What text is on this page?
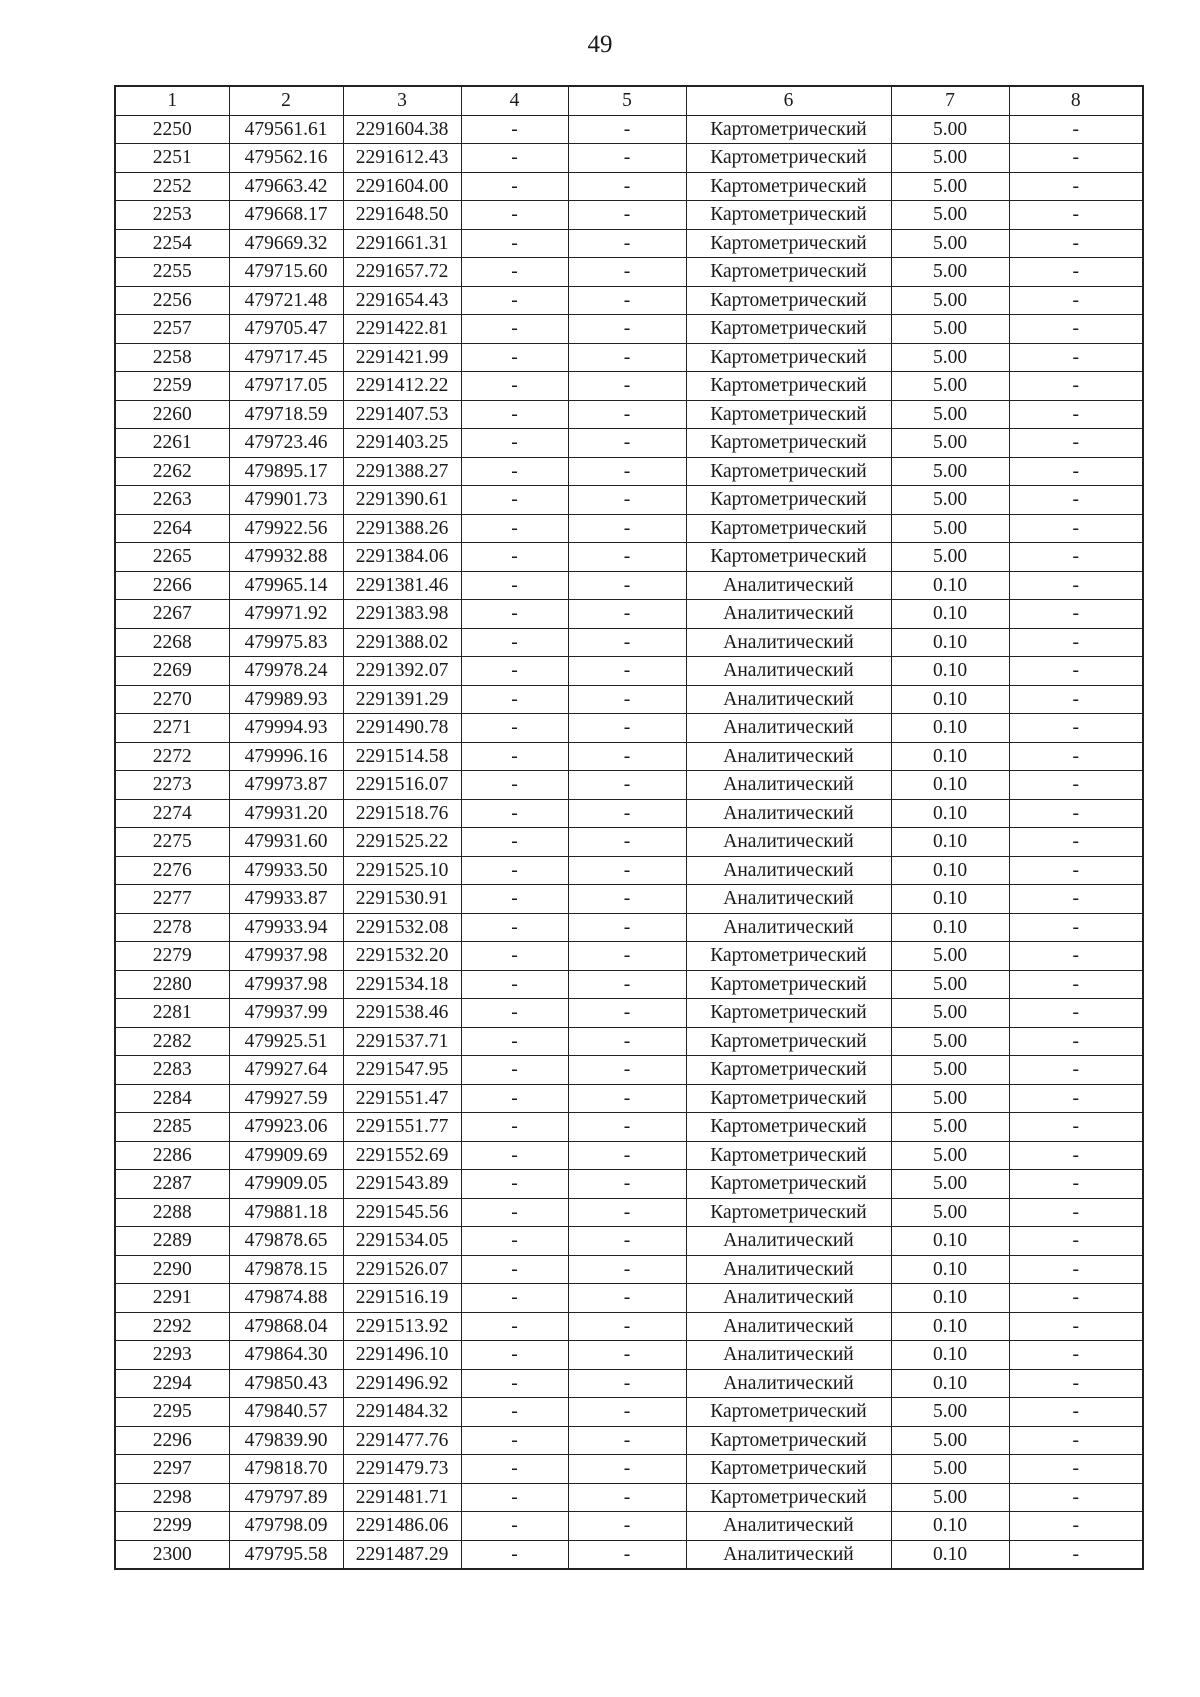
49
1	2	3	4	5	6	7	8
2250	479561.61	2291604.38	-	-	Картометрический	5.00	-
2251	479562.16	2291612.43	-	-	Картометрический	5.00	-
2252	479663.42	2291604.00	-	-	Картометрический	5.00	-
2253	479668.17	2291648.50	-	-	Картометрический	5.00	-
2254	479669.32	2291661.31	-	-	Картометрический	5.00	-
2255	479715.60	2291657.72	-	-	Картометрический	5.00	-
2256	479721.48	2291654.43	-	-	Картометрический	5.00	-
2257	479705.47	2291422.81	-	-	Картометрический	5.00	-
2258	479717.45	2291421.99	-	-	Картометрический	5.00	-
2259	479717.05	2291412.22	-	-	Картометрический	5.00	-
2260	479718.59	2291407.53	-	-	Картометрический	5.00	-
2261	479723.46	2291403.25	-	-	Картометрический	5.00	-
2262	479895.17	2291388.27	-	-	Картометрический	5.00	-
2263	479901.73	2291390.61	-	-	Картометрический	5.00	-
2264	479922.56	2291388.26	-	-	Картометрический	5.00	-
2265	479932.88	2291384.06	-	-	Картометрический	5.00	-
2266	479965.14	2291381.46	-	-	Аналитический	0.10	-
2267	479971.92	2291383.98	-	-	Аналитический	0.10	-
2268	479975.83	2291388.02	-	-	Аналитический	0.10	-
2269	479978.24	2291392.07	-	-	Аналитический	0.10	-
2270	479989.93	2291391.29	-	-	Аналитический	0.10	-
2271	479994.93	2291490.78	-	-	Аналитический	0.10	-
2272	479996.16	2291514.58	-	-	Аналитический	0.10	-
2273	479973.87	2291516.07	-	-	Аналитический	0.10	-
2274	479931.20	2291518.76	-	-	Аналитический	0.10	-
2275	479931.60	2291525.22	-	-	Аналитический	0.10	-
2276	479933.50	2291525.10	-	-	Аналитический	0.10	-
2277	479933.87	2291530.91	-	-	Аналитический	0.10	-
2278	479933.94	2291532.08	-	-	Аналитический	0.10	-
2279	479937.98	2291532.20	-	-	Картометрический	5.00	-
2280	479937.98	2291534.18	-	-	Картометрический	5.00	-
2281	479937.99	2291538.46	-	-	Картометрический	5.00	-
2282	479925.51	2291537.71	-	-	Картометрический	5.00	-
2283	479927.64	2291547.95	-	-	Картометрический	5.00	-
2284	479927.59	2291551.47	-	-	Картометрический	5.00	-
2285	479923.06	2291551.77	-	-	Картометрический	5.00	-
2286	479909.69	2291552.69	-	-	Картометрический	5.00	-
2287	479909.05	2291543.89	-	-	Картометрический	5.00	-
2288	479881.18	2291545.56	-	-	Картометрический	5.00	-
2289	479878.65	2291534.05	-	-	Аналитический	0.10	-
2290	479878.15	2291526.07	-	-	Аналитический	0.10	-
2291	479874.88	2291516.19	-	-	Аналитический	0.10	-
2292	479868.04	2291513.92	-	-	Аналитический	0.10	-
2293	479864.30	2291496.10	-	-	Аналитический	0.10	-
2294	479850.43	2291496.92	-	-	Аналитический	0.10	-
2295	479840.57	2291484.32	-	-	Картометрический	5.00	-
2296	479839.90	2291477.76	-	-	Картометрический	5.00	-
2297	479818.70	2291479.73	-	-	Картометрический	5.00	-
2298	479797.89	2291481.71	-	-	Картометрический	5.00	-
2299	479798.09	2291486.06	-	-	Аналитический	0.10	-
2300	479795.58	2291487.29	-	-	Аналитический	0.10	-
